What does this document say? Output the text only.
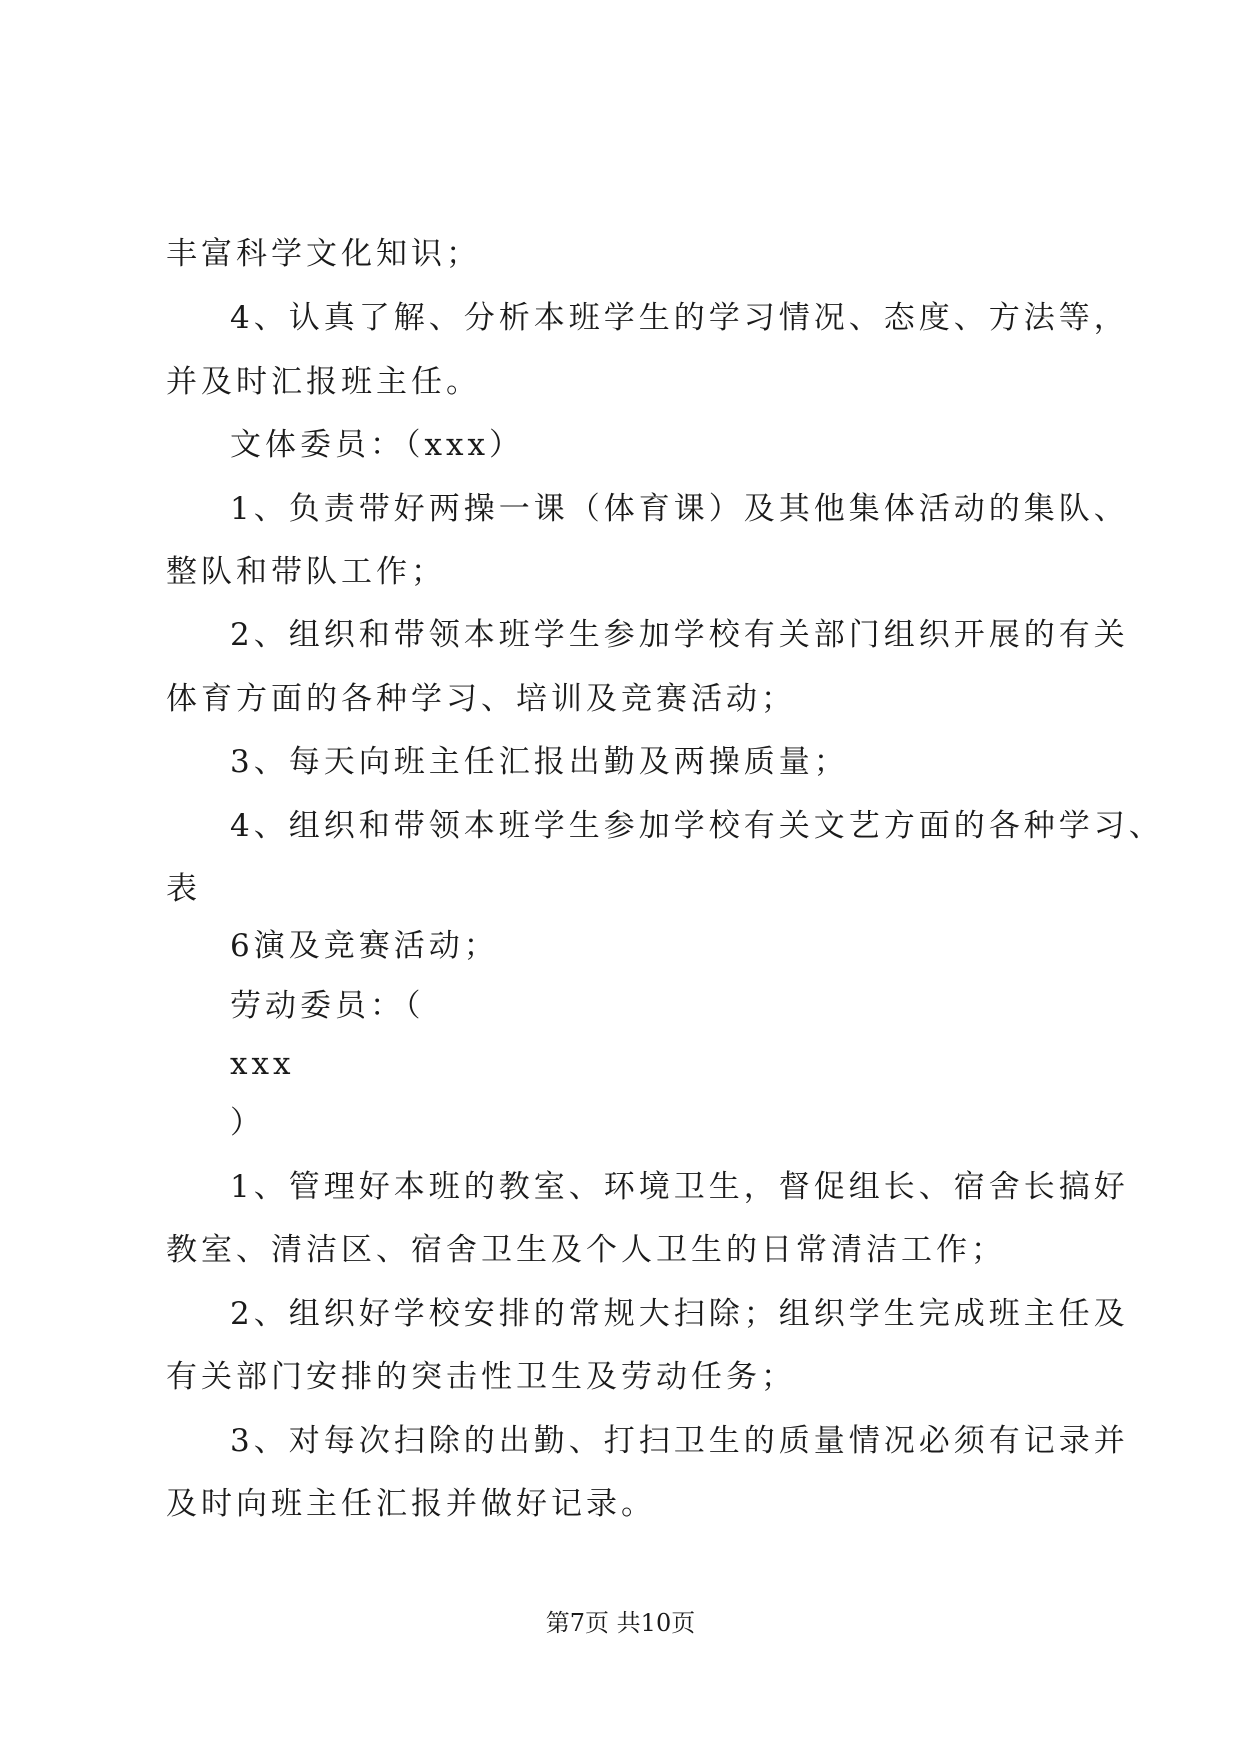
丰富科学文化知识；
4、认真了解、分析本班学生的学习情况、态度、方法等，
并及时汇报班主任。
文体委员：（xxx）
1、负责带好两操一课（体育课）及其他集体活动的集队、
整队和带队工作；
2、组织和带领本班学生参加学校有关部门组织开展的有关
体育方面的各种学习、培训及竞赛活动；
3、每天向班主任汇报出勤及两操质量；
4、组织和带领本班学生参加学校有关文艺方面的各种学习、
表
6演及竞赛活动；
劳动委员：（
xxx
）
1、管理好本班的教室、环境卫生，督促组长、宿舍长搞好
教室、清洁区、宿舍卫生及个人卫生的日常清洁工作；
2、组织好学校安排的常规大扫除；组织学生完成班主任及
有关部门安排的突击性卫生及劳动任务；
3、对每次扫除的出勤、打扫卫生的质量情况必须有记录并
及时向班主任汇报并做好记录。
第7页 共10页
